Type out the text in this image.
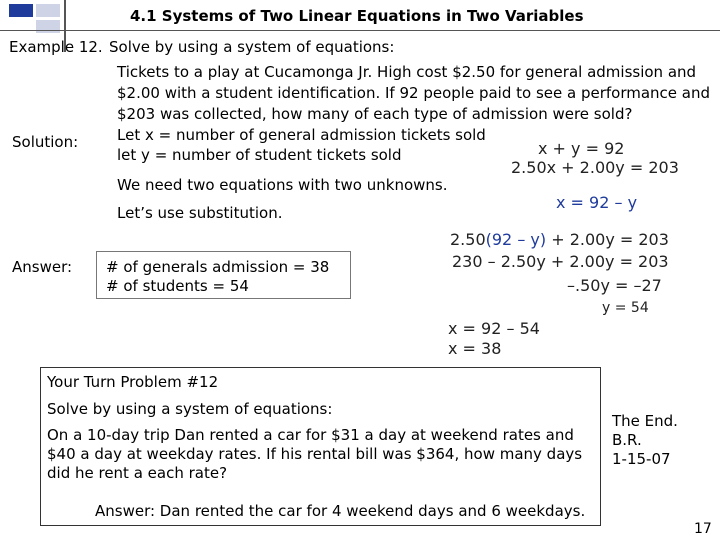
4.1 Systems of Two Linear Equations in Two Variables
Example 12. Solve by using a system of equations:
Tickets to a play at Cucamonga Jr. High cost $2.50 for general admission and
$2.00 with a student identification. If 92 people paid to see a performance and
$203 was collected, how many of each type of admission were sold?
Solution:	Let x = number of general admission tickets sold
let y = number of student tickets sold
We need two equations with two unknowns.
Let’s use substitution.
Answer: # of generals admission = 38
# of students = 54
x + y = 92
2.50x + 2.00y = 203
x = 92 – y
2.50(92 – y) + 2.00y = 203
230 – 2.50y + 2.00y = 203
–.50y = –27
y = 54
x = 92 – 54
x = 38
Your Turn Problem #12
Solve by using a system of equations:
On a 10-day trip Dan rented a car for $31 a day at weekend rates and
$40 a day at weekday rates. If his rental bill was $364, how many days
did he rent a each rate?
Answer: Dan rented the car for 4 weekend days and 6 weekdays.
The End.
B.R.
1-15-07
17
